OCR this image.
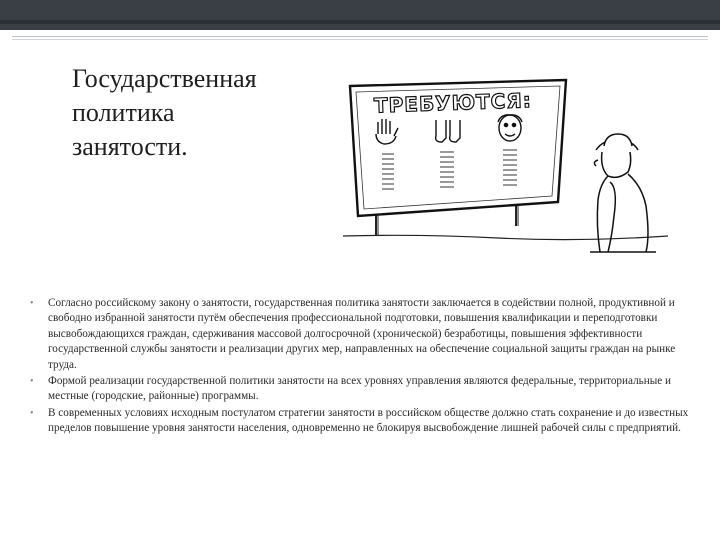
Государственная
политика
занятости.
ТРЕБУЮТСЯ:
• Согласно российскому закону о занятости, государственная политика занятости заключается в содействии полной, продуктивной и свободно избранной занятости путём обеспечения профессиональной подготовки, повышения квалификации и переподготовки высвобождающихся граждан, сдерживания массовой долгосрочной (хронической) безработицы, повышения эффективности государственной службы занятости и реализации других мер, направленных на обеспечение социальной защиты граждан на рынке труда.
• Формой реализации государственной политики занятости на всех уровнях управления являются федеральные, территориальные и местные (городские, районные) программы.
• В современных условиях исходным постулатом стратегии занятости в российском обществе должно стать сохранение и до известных пределов повышение уровня занятости населения, одновременно не блокируя высвобождение лишней рабочей силы с предприятий.
